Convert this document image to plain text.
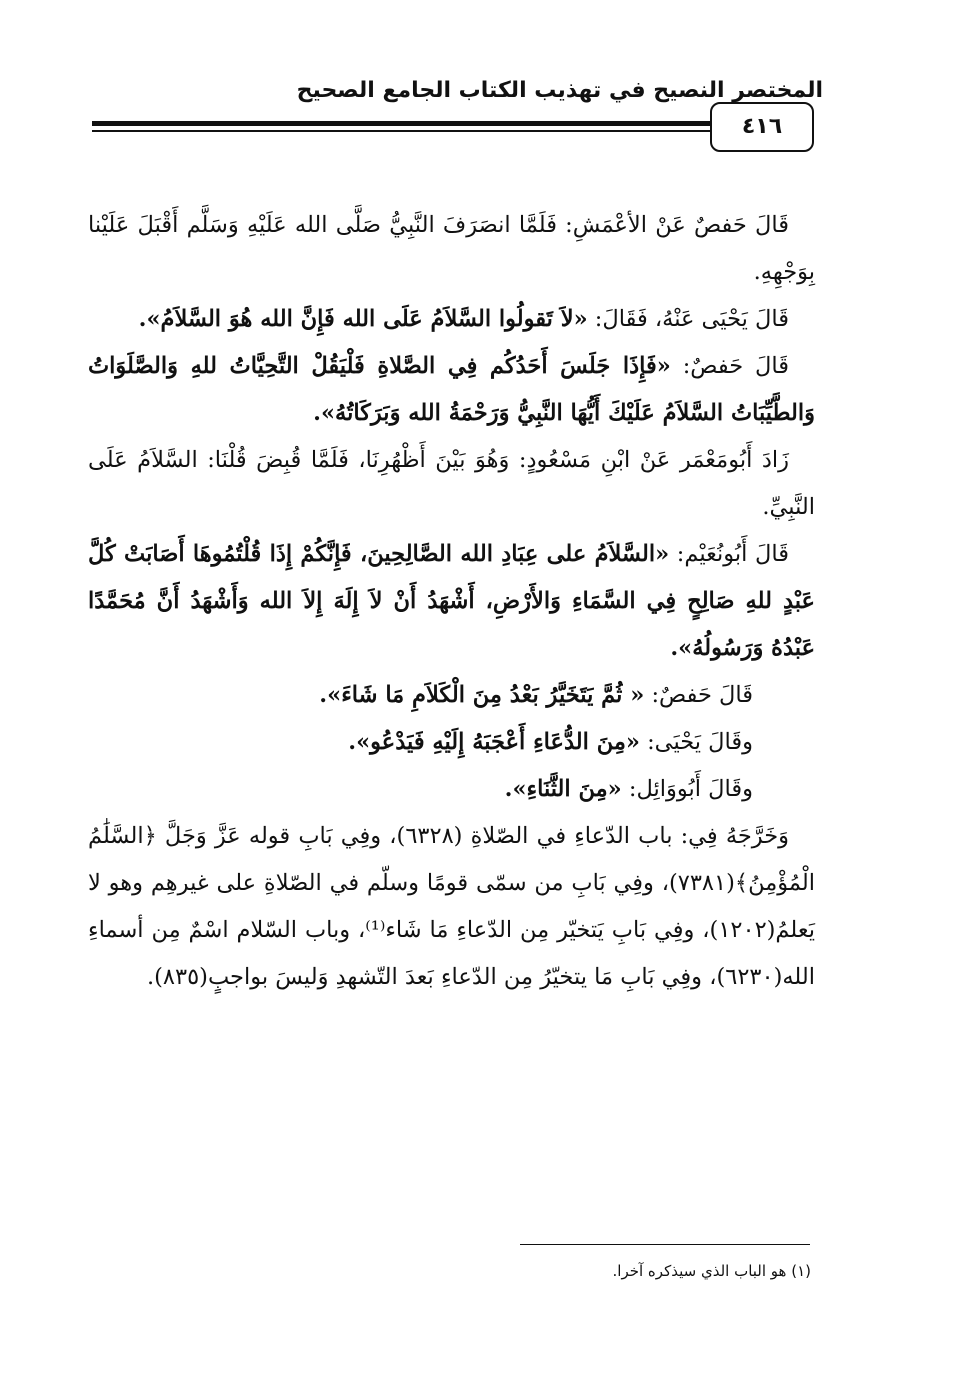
المختصر النصيح في تهذيب الكتاب الجامع الصحيح
٤١٦

قَالَ حَفصٌ عَنْ الأعْمَشِ: فَلَمَّا انصَرَفَ النَّبِيُّ صَلَّى الله عَلَيْهِ وَسَلَّم أَقْبَلَ عَلَيْنا بِوَجْهِهِ.

قَالَ يَحْيَى عَنْهُ، فَقَالَ: «لاَ تَقولُوا السَّلاَمُ عَلَى الله فَإِنَّ الله هُوَ السَّلاَمُ».

قَالَ حَفصٌ: «فَإِذَا جَلَسَ أَحَدُكُم فِي الصَّلاةِ فَلْيَقُلْ التَّحِيَّاتُ للهِ وَالصَّلَوَاتُ وَالطَّيِّبَاتُ السَّلاَمُ عَلَيْكَ أَيُّهَا النَّبِيُّ وَرَحْمَةُ الله وَبَرَكَاتُهُ».

زَادَ أَبُومَعْمَر عَنْ ابْنِ مَسْعُودٍ: وَهُوَ بَيْنَ أَظْهُرِنَا، فَلَمَّا قُبِضَ قُلْنَا: السَّلاَمُ عَلَى النَّبِيِّ.

قَالَ أَبُونُعَيْم: «السَّلاَمُ على عِبَادِ الله الصَّالِحِينَ، فَإِنَّكُمْ إِذَا قُلْتُمُوهَا أَصَابَتْ كُلَّ عَبْدٍ للهِ صَالِحٍ فِي السَّمَاءِ وَالأَرْضِ، أَشْهَدُ أَنْ لاَ إِلَهَ إِلاَ الله وَأَشْهَدُ أَنَّ مُحَمَّدًا عَبْدُهُ وَرَسُولُهُ».

قَالَ حَفصٌ: « ثُمَّ يَتَخَيَّرُ بَعْدُ مِنَ الْكَلاَمِ مَا شَاءَ».

وقَالَ يَحْيَى: «مِنَ الدُّعَاءِ أَعْجَبَهُ إِلَيْهِ فَيَدْعُو».

وقَالَ أَبُووَائِل: «مِنَ الثَّنَاءِ».

وَخَرَّجَهُ فِي: باب الدّعاءِ في الصّلاةِ (٦٣٢٨)، وفِي بَابِ قوله عَزَّ وَجَلَّ ﴿السَّلَٰمُ الْمُؤْمِنُ﴾(٧٣٨١)، وفِي بَابِ من سمّى قومًا وسلّم في الصّلاةِ على غيرهِم وهو لا يَعلمُ(١٢٠٢)، وفِي بَابِ يَتخيّر مِن الدّعاءِ مَا شَاء⁽¹⁾، وباب السّلام اسْمٌ مِن أسماءِ الله(٦٢٣٠)، وفِي بَابِ مَا يتخيّرُ مِن الدّعاءِ بَعدَ التّشهدِ وَليسَ بواجبٍ(٨٣٥).

(١) هو الباب الذي سيذكره آخرا.
